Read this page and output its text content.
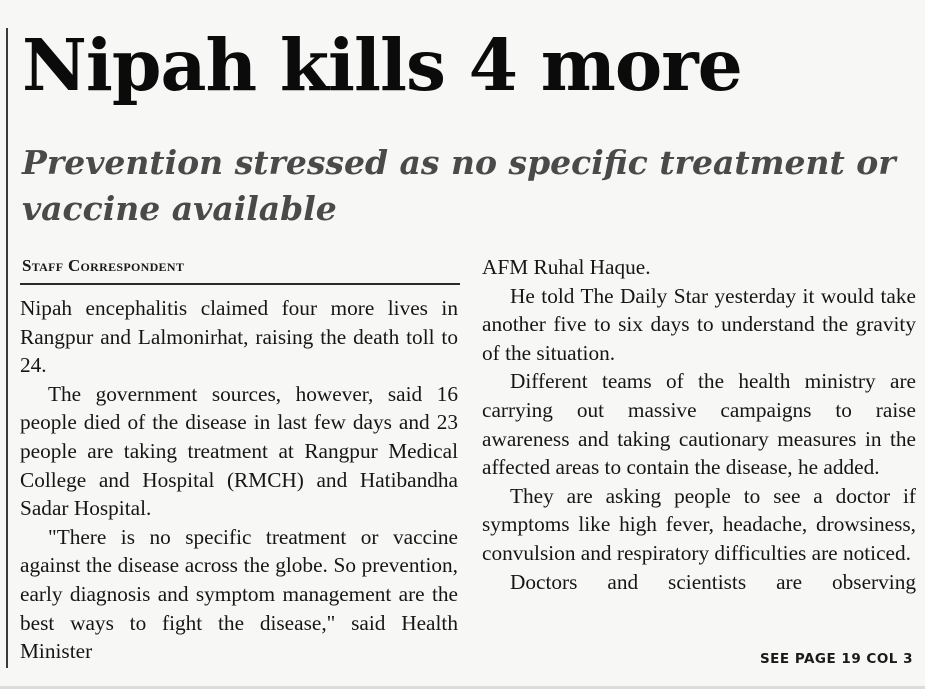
Nipah kills 4 more
Prevention stressed as no specific treatment or vaccine available
Staff Correspondent

Nipah encephalitis claimed four more lives in Rangpur and Lalmonirhat, raising the death toll to 24.

The government sources, however, said 16 people died of the disease in last few days and 23 people are taking treatment at Rangpur Medical College and Hospital (RMCH) and Hatibandha Sadar Hospital.

"There is no specific treatment or vaccine against the disease across the globe. So prevention, early diagnosis and symptom management are the best ways to fight the disease," said Health Minister

AFM Ruhal Haque.

He told The Daily Star yesterday it would take another five to six days to understand the gravity of the situation.

Different teams of the health ministry are carrying out massive campaigns to raise awareness and taking cautionary measures in the affected areas to contain the disease, he added.

They are asking people to see a doctor if symptoms like high fever, headache, drowsiness, convulsion and respiratory difficulties are noticed.

Doctors and scientists are observing

SEE PAGE 19 COL 3
